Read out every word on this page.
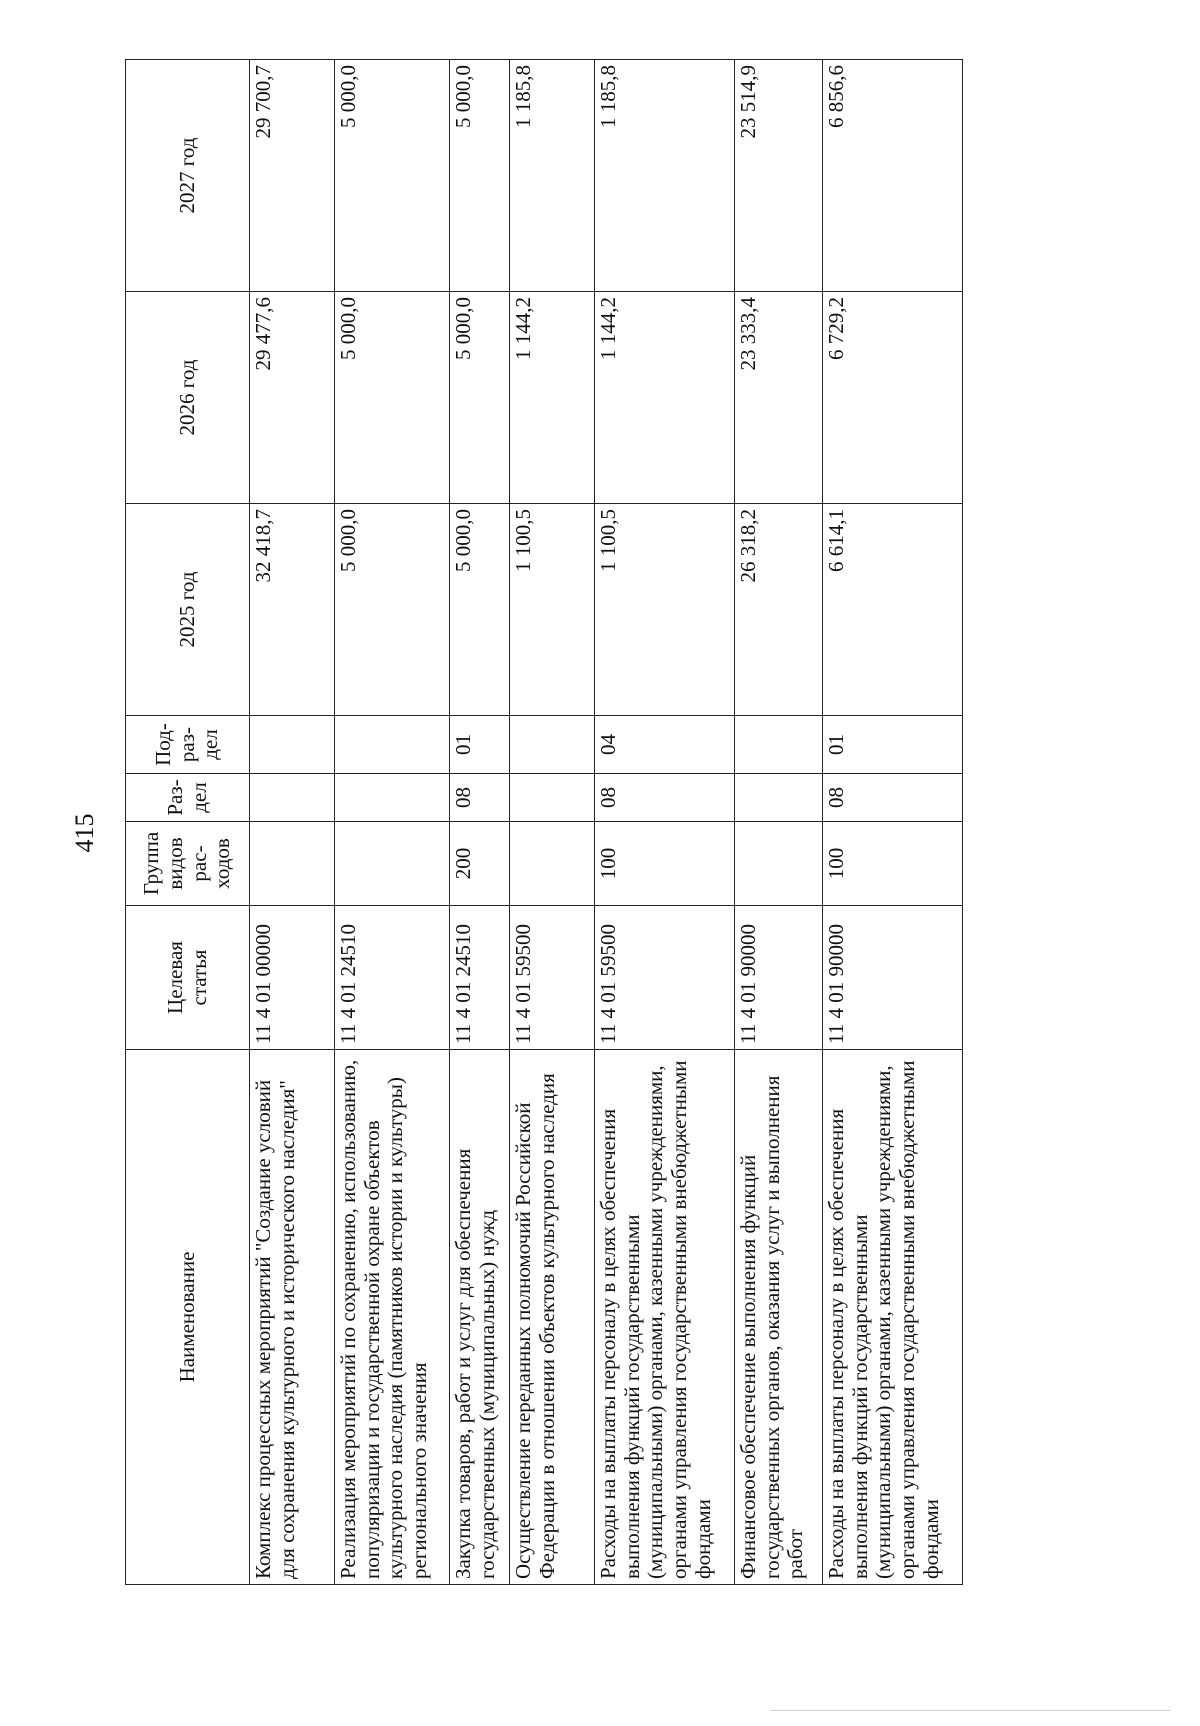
415
Наименование	Целевая статья	Группа видов рас-ходов	Раз-дел	Под-раз-дел	2025 год	2026 год	2027 год
Комплекс процессных мероприятий "Создание условий для сохранения культурного и исторического наследия"	11 4 01 00000				32 418,7	29 477,6	29 700,7
Реализация мероприятий по сохранению, использованию, популяризации и государственной охране объектов культурного наследия (памятников истории и культуры) регионального значения	11 4 01 24510				5 000,0	5 000,0	5 000,0
Закупка товаров, работ и услуг для обеспечения государственных (муниципальных) нужд	11 4 01 24510	200	08	01	5 000,0	5 000,0	5 000,0
Осуществление переданных полномочий Российской Федерации в отношении объектов культурного наследия	11 4 01 59500				1 100,5	1 144,2	1 185,8
Расходы на выплаты персоналу в целях обеспечения выполнения функций государственными (муниципальными) органами, казенными учреждениями, органами управления государственными внебюджетными фондами	11 4 01 59500	100	08	04	1 100,5	1 144,2	1 185,8
Финансовое обеспечение выполнения функций государственных органов, оказания услуг и выполнения работ	11 4 01 90000				26 318,2	23 333,4	23 514,9
Расходы на выплаты персоналу в целях обеспечения выполнения функций государственными (муниципальными) органами, казенными учреждениями, органами управления государственными внебюджетными фондами	11 4 01 90000	100	08	01	6 614,1	6 729,2	6 856,6
